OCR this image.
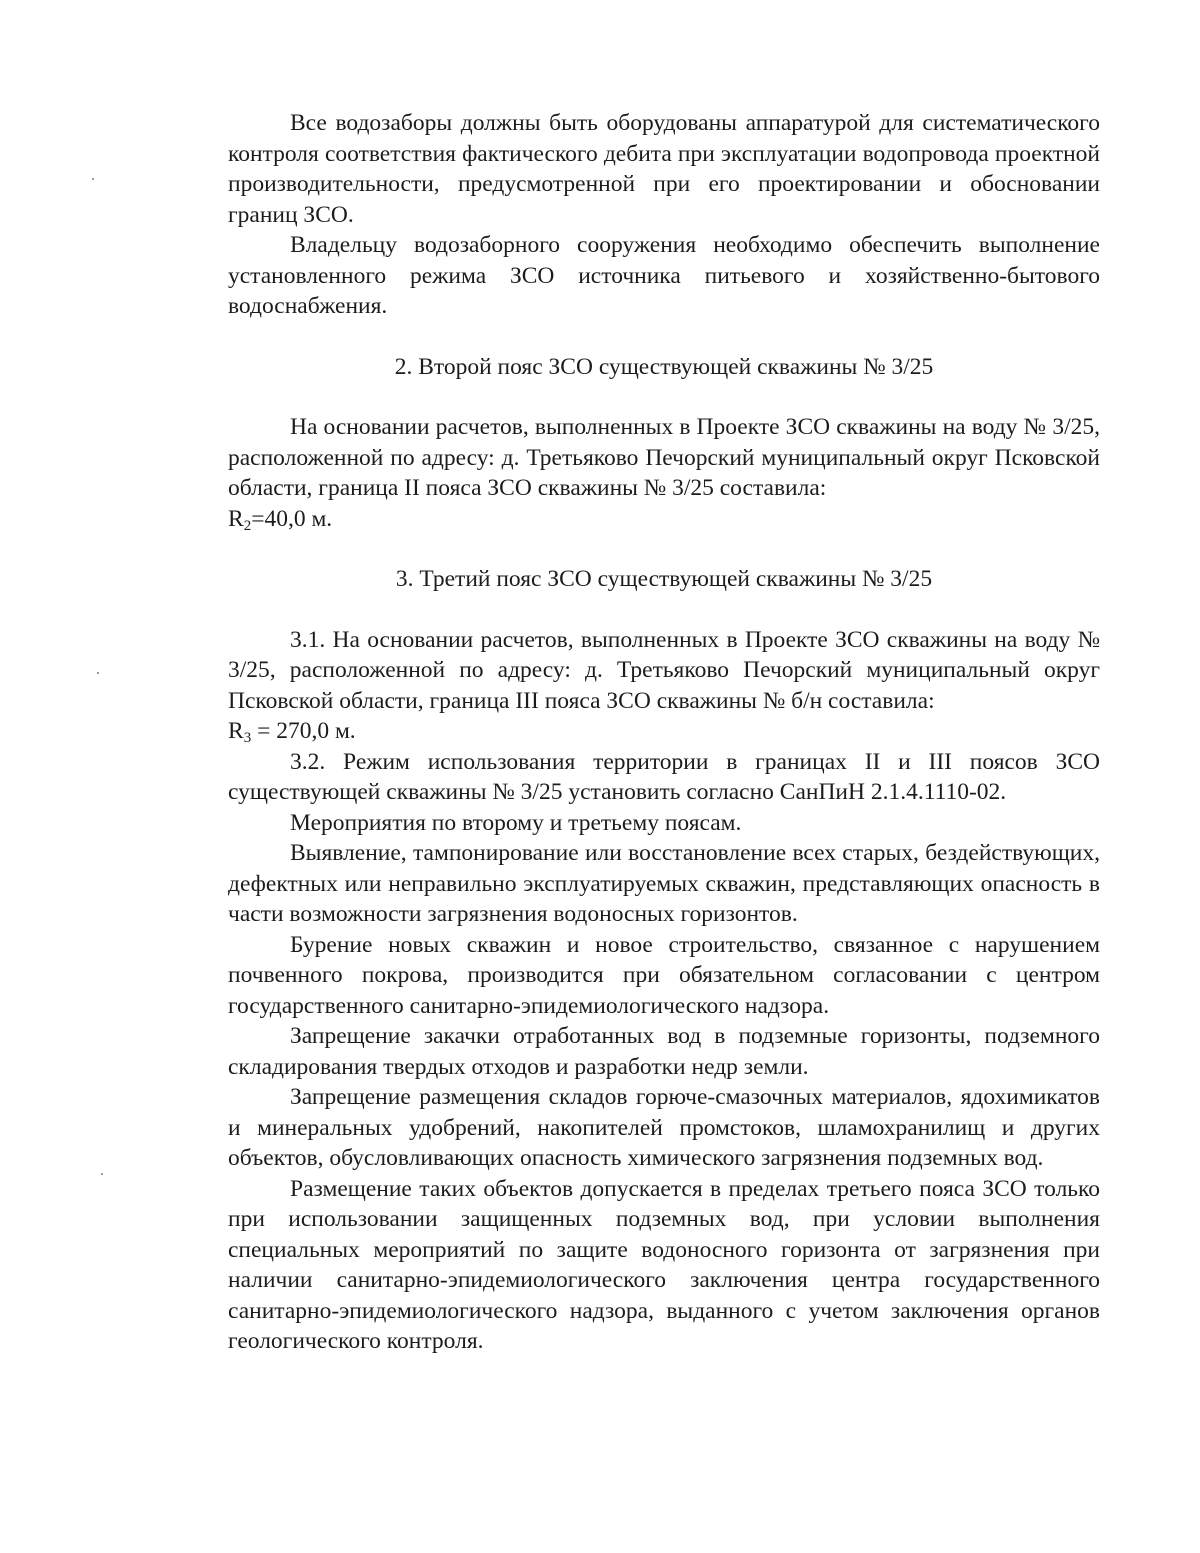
Все водозаборы должны быть оборудованы аппаратурой для систематического контроля соответствия фактического дебита при эксплуатации водопровода проектной производительности, предусмотренной при его проектировании и обосновании границ ЗСО.

Владельцу водозаборного сооружения необходимо обеспечить выполнение установленного режима ЗСО источника питьевого и хозяйственно-бытового водоснабжения.

2. Второй пояс ЗСО существующей скважины № 3/25

На основании расчетов, выполненных в Проекте ЗСО скважины на воду № 3/25, расположенной по адресу: д. Третьяково Печорский муниципальный округ Псковской области, граница II пояса ЗСО скважины № 3/25 составила:

$R_2=40,0$ м.

3. Третий пояс ЗСО существующей скважины № 3/25

3.1. На основании расчетов, выполненных в Проекте ЗСО скважины на воду № 3/25, расположенной по адресу: д. Третьяково Печорский муниципальный округ Псковской области, граница III пояса ЗСО скважины № б/н составила:

$R_3 = 270,0$ м.

3.2. Режим использования территории в границах II и III поясов ЗСО существующей скважины № 3/25 установить согласно СанПиН 2.1.4.1110-02.

Мероприятия по второму и третьему поясам.

Выявление, тампонирование или восстановление всех старых, бездействующих, дефектных или неправильно эксплуатируемых скважин, представляющих опасность в части возможности загрязнения водоносных горизонтов.

Бурение новых скважин и новое строительство, связанное с нарушением почвенного покрова, производится при обязательном согласовании с центром государственного санитарно-эпидемиологического надзора.

Запрещение закачки отработанных вод в подземные горизонты, подземного складирования твердых отходов и разработки недр земли.

Запрещение размещения складов горюче-смазочных материалов, ядохимикатов и минеральных удобрений, накопителей промстоков, шламохранилищ и других объектов, обусловливающих опасность химического загрязнения подземных вод.

Размещение таких объектов допускается в пределах третьего пояса ЗСО только при использовании защищенных подземных вод, при условии выполнения специальных мероприятий по защите водоносного горизонта от загрязнения при наличии санитарно-эпидемиологического заключения центра государственного санитарно-эпидемиологического надзора, выданного с учетом заключения органов геологического контроля.
